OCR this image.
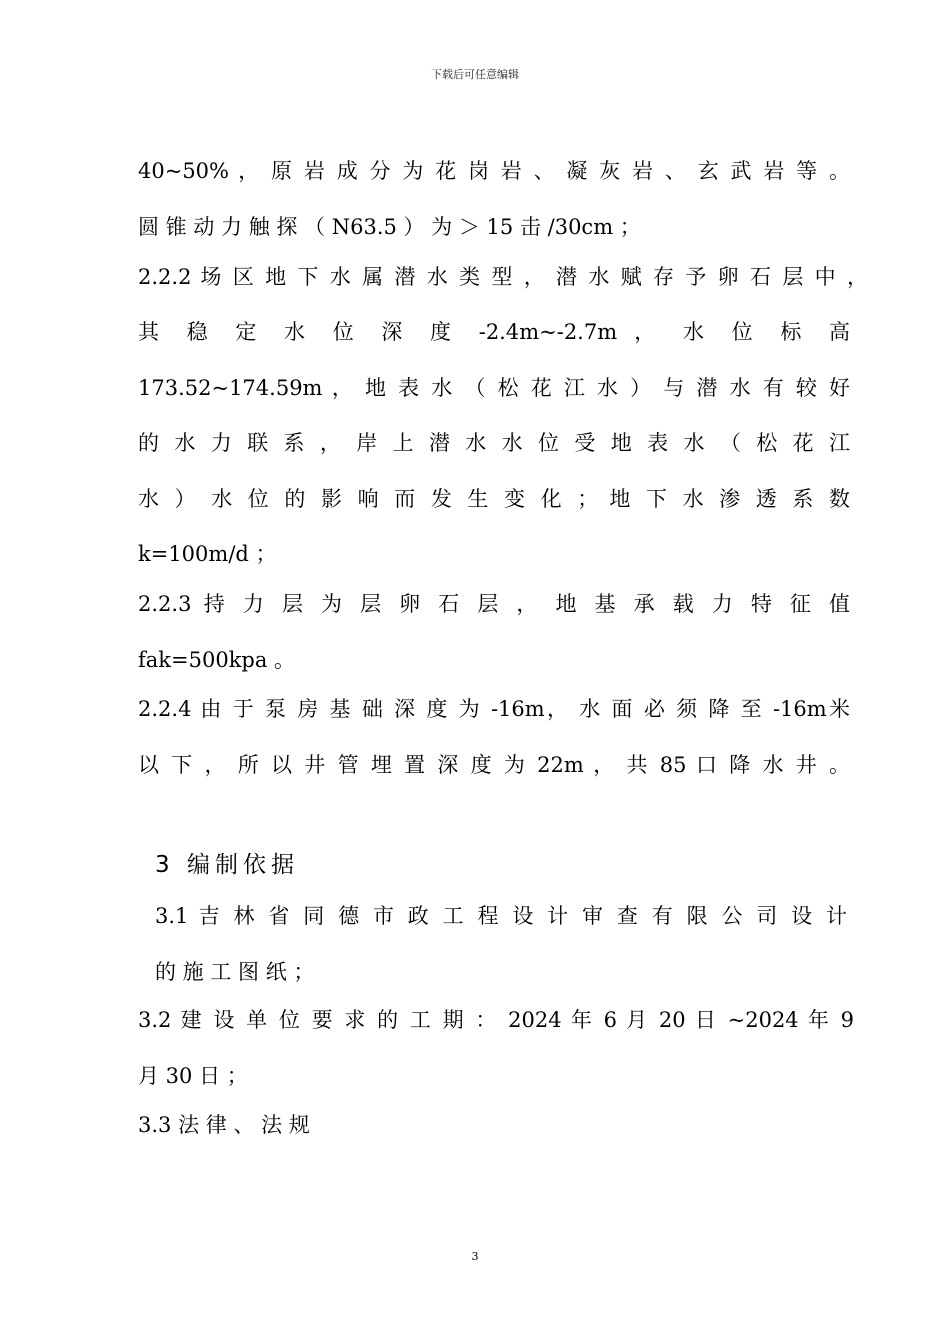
下载后可任意编辑
40~50% ， 原 岩 成 分 为 花 岗 岩 、 凝 灰 岩 、 玄 武 岩 等 。
圆 锥 动 力 触 探 （ N63.5 ） 为 ＞ 15 击 /30cm ；
2.2.2 场 区 地 下 水 属 潜 水 类 型 ， 潜 水 赋 存 予 卵 石 层 中 ，
其 稳 定 水 位 深 度 -2.4m~-2.7m ， 水 位 标 高
173.52~174.59m ， 地 表 水 （ 松 花 江 水 ） 与 潜 水 有 较 好
的 水 力 联 系 ， 岸 上 潜 水 水 位 受 地 表 水 （ 松 花 江
水 ） 水 位 的 影 响 而 发 生 变 化 ； 地 下 水 渗 透 系 数
k=100m/d ；
2.2.3 持 力 层 为 层 卵 石 层 ， 地 基 承 载 力 特 征 值
fak=500kpa 。
2.2.4 由 于 泵 房 基 础 深 度 为 -16m， 水 面 必 须 降 至 -16m米
以 下 ， 所 以 井 管 埋 置 深 度 为 22m ， 共 85 口 降 水 井 。
3 编制依据
3.1 吉 林 省 同 德 市 政 工 程 设 计 审 查 有 限 公 司 设 计
的 施 工 图 纸 ；
3.2 建 设 单 位 要 求 的 工 期 ： 2024 年 6 月 20 日 ~2024 年 9
月 30 日 ；
3.3 法 律 、 法 规
3
